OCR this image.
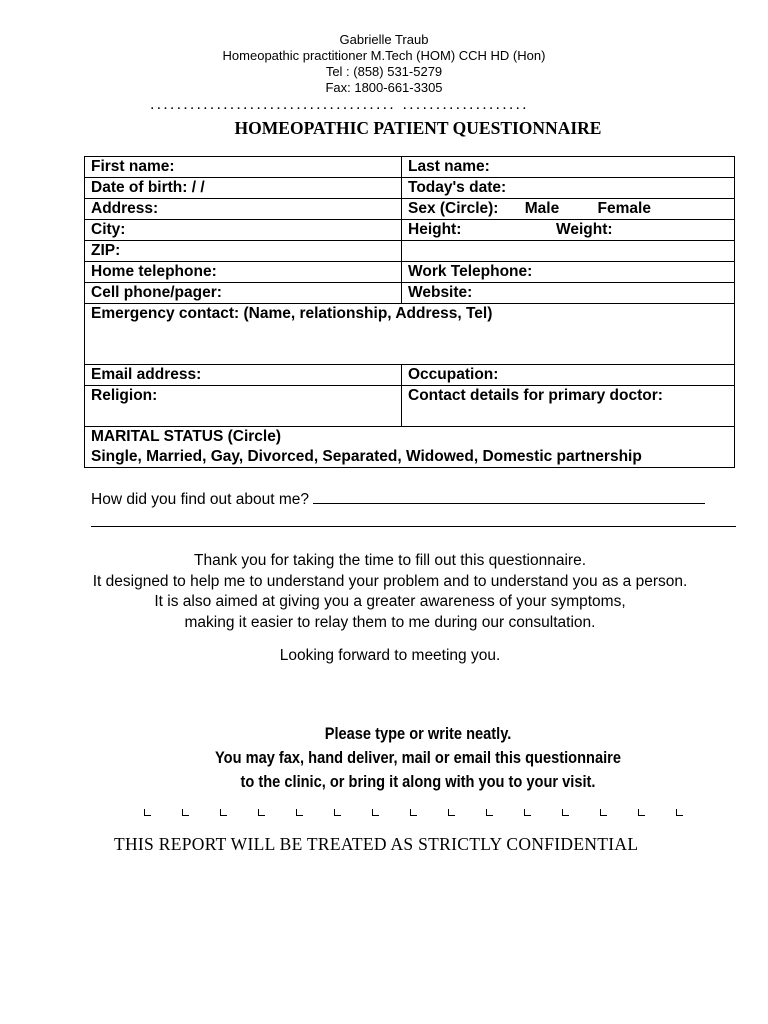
Gabrielle Traub
Homeopathic practitioner M.Tech (HOM) CCH HD (Hon)
Tel : (858) 531-5279
Fax: 1800-661-3305
..................................... ...................
HOMEOPATHIC PATIENT QUESTIONNAIRE
First name:	Last name:
Date of birth: / /	Today's date:
Address:	Sex (Circle): Male Female
City:	Height: Weight:
ZIP:	
Home telephone:	Work Telephone:
Cell phone/pager:	Website:
Emergency contact: (Name, relationship, Address, Tel)	
Email address:	Occupation:
Religion:	Contact details for primary doctor:

MARITAL STATUS (Circle)
Single, Married, Gay, Divorced, Separated, Widowed, Domestic partnership	
How did you find out about me?
Thank you for taking the time to fill out this questionnaire.
It designed to help me to understand your problem and to understand you as a person.
It is also aimed at giving you a greater awareness of your symptoms,
making it easier to relay them to me during our consultation.
Looking forward to meeting you.
Please type or write neatly.
You may fax, hand deliver, mail or email this questionnaire
to the clinic, or bring it along with you to your visit.
THIS REPORT WILL BE TREATED AS STRICTLY CONFIDENTIAL
